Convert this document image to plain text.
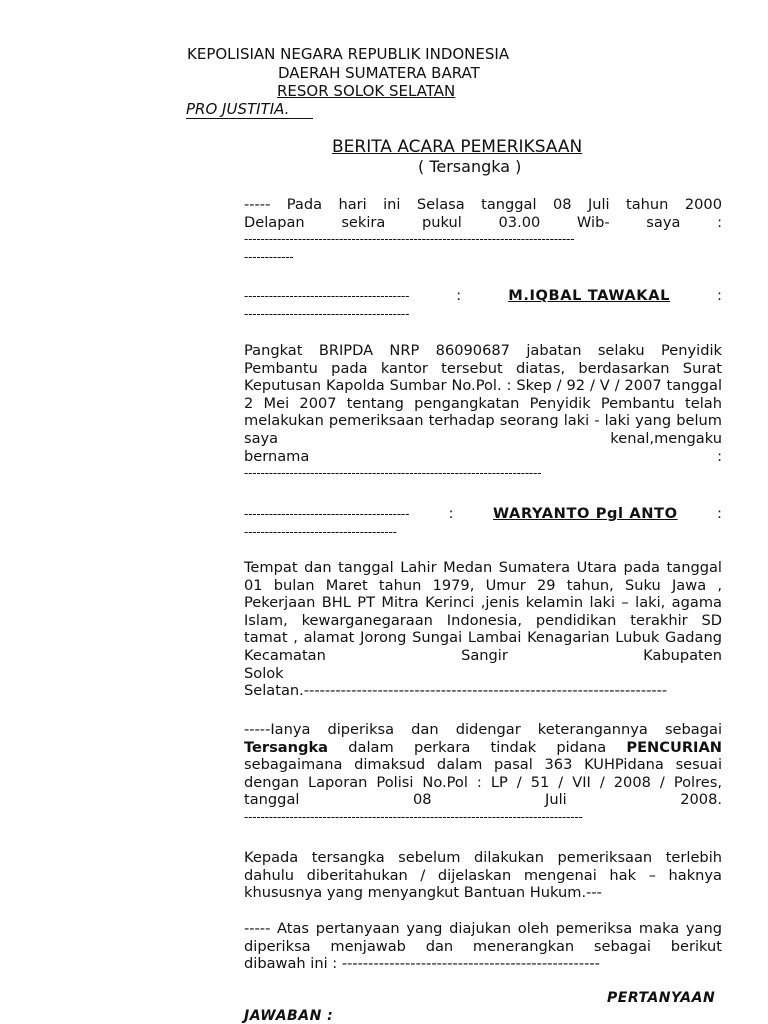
KEPOLISIAN NEGARA REPUBLIK INDONESIA
DAERAH SUMATERA BARAT
RESOR SOLOK SELATAN
PRO JUSTITIA.
BERITA ACARA PEMERIKSAAN
( Tersangka )
----- Pada hari ini Selasa tanggal 08 Juli tahun 2000
Delapan sekira pukul 03.00 Wib- saya :
--------------------------------------------------------------------------------
------------
----------------------------------------	:	M.IQBAL TAWAKAL	:
----------------------------------------
Pangkat BRIPDA NRP 86090687 jabatan selaku Penyidik Pembantu pada kantor tersebut diatas, berdasarkan Surat Keputusan Kapolda Sumbar No.Pol. : Skep / 92 / V / 2007 tanggal 2 Mei 2007 tentang pengangkatan Penyidik Pembantu telah melakukan pemeriksaan terhadap seorang laki - laki yang belum saya kenal,mengaku
bernama	:
------------------------------------------------------------------------
----------------------------------------	:	WARYANTO Pgl ANTO	:
-------------------------------------
Tempat dan tanggal Lahir Medan Sumatera Utara pada tanggal 01 bulan Maret tahun 1979, Umur 29 tahun, Suku Jawa , Pekerjaan BHL PT Mitra Kerinci ,jenis kelamin laki – laki, agama Islam, kewarganegaraan Indonesia, pendidikan terakhir SD tamat , alamat Jorong Sungai Lambai Kenagarian Lubuk Gadang Kecamatan Sangir Kabupaten
Solok
Selatan.---------------------------------------------------------------------
-----Ianya diperiksa dan didengar keterangannya sebagai
Tersangka dalam perkara tindak pidana PENCURIAN sebagaimana dimaksud dalam pasal 363 KUHPidana sesuai dengan Laporan Polisi No.Pol : LP / 51 / VII / 2008 / Polres,
tanggal 08 Juli 2008.
----------------------------------------------------------------------------------
Kepada tersangka sebelum dilakukan pemeriksaan terlebih dahulu diberitahukan / dijelaskan mengenai hak – haknya
khususnya yang menyangkut Bantuan Hukum.---
----- Atas pertanyaan yang diajukan oleh pemeriksa maka yang diperiksa menjawab dan menerangkan sebagai berikut
dibawah ini : -------------------------------------------------
PERTANYAAN
JAWABAN :
